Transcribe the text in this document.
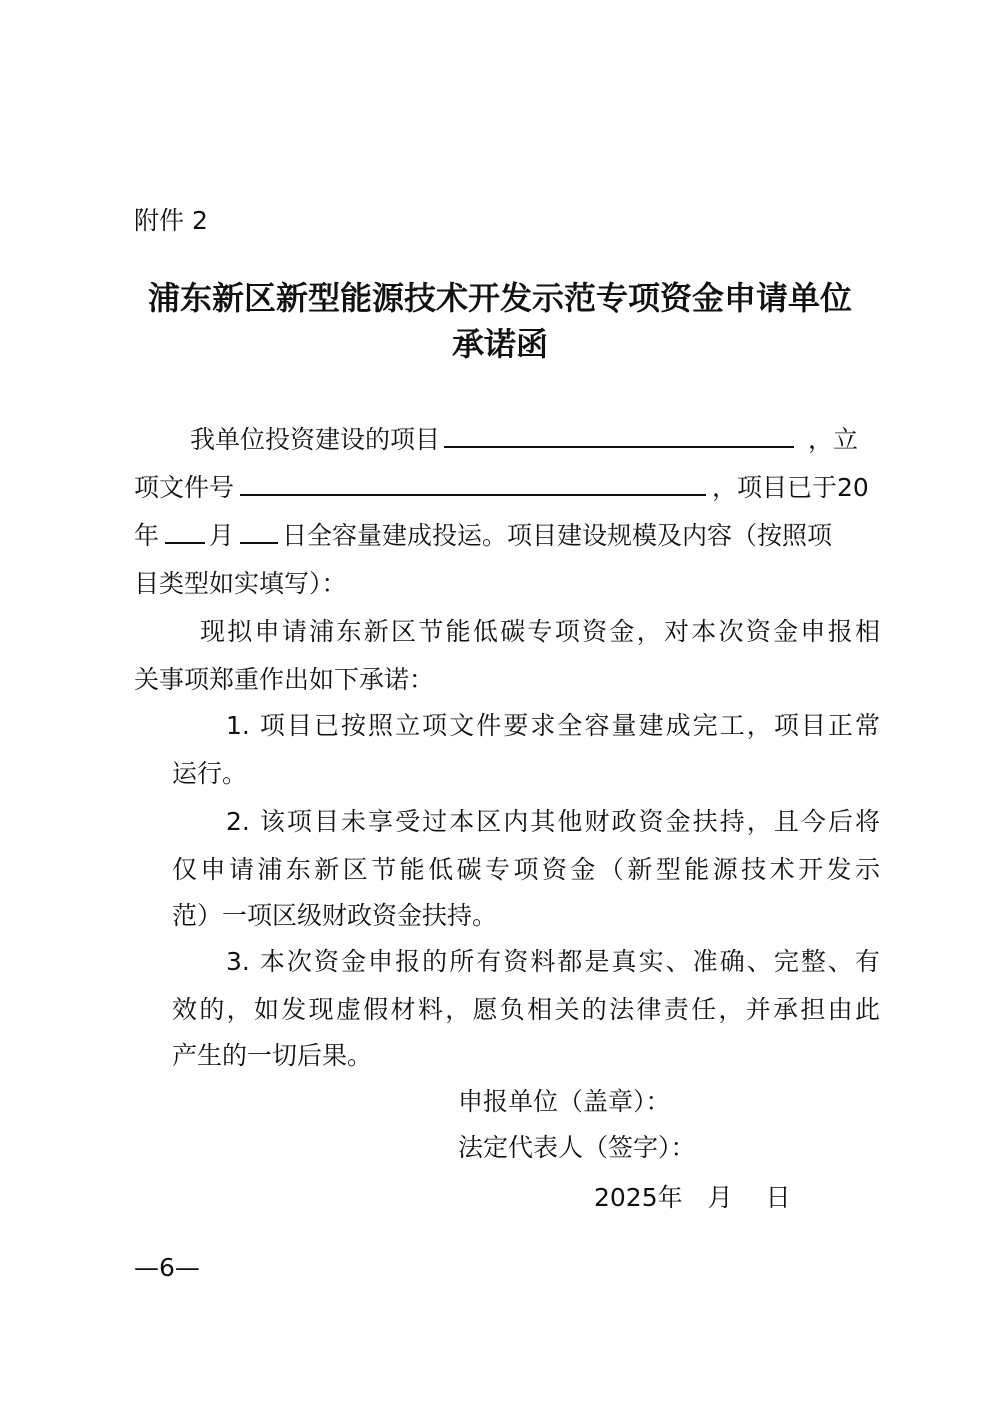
附件 2
浦东新区新型能源技术开发示范专项资金申请单位
承诺函
我单位投资建设的项目	，立
项文件号	，项目已于20
年 月 日全容量建成投运。项目建设规模及内容（按照项
目类型如实填写）：
现拟申请浦东新区节能低碳专项资金，对本次资金申报相
关事项郑重作出如下承诺：
1. 项目已按照立项文件要求全容量建成完工，项目正常
运行。
2. 该项目未享受过本区内其他财政资金扶持，且今后将
仅申请浦东新区节能低碳专项资金（新型能源技术开发示
范）一项区级财政资金扶持。
3. 本次资金申报的所有资料都是真实、准确、完整、有
效的，如发现虚假材料，愿负相关的法律责任，并承担由此
产生的一切后果。
申报单位（盖章）：
法定代表人（签字）：
2025年　月　 日
—6—
